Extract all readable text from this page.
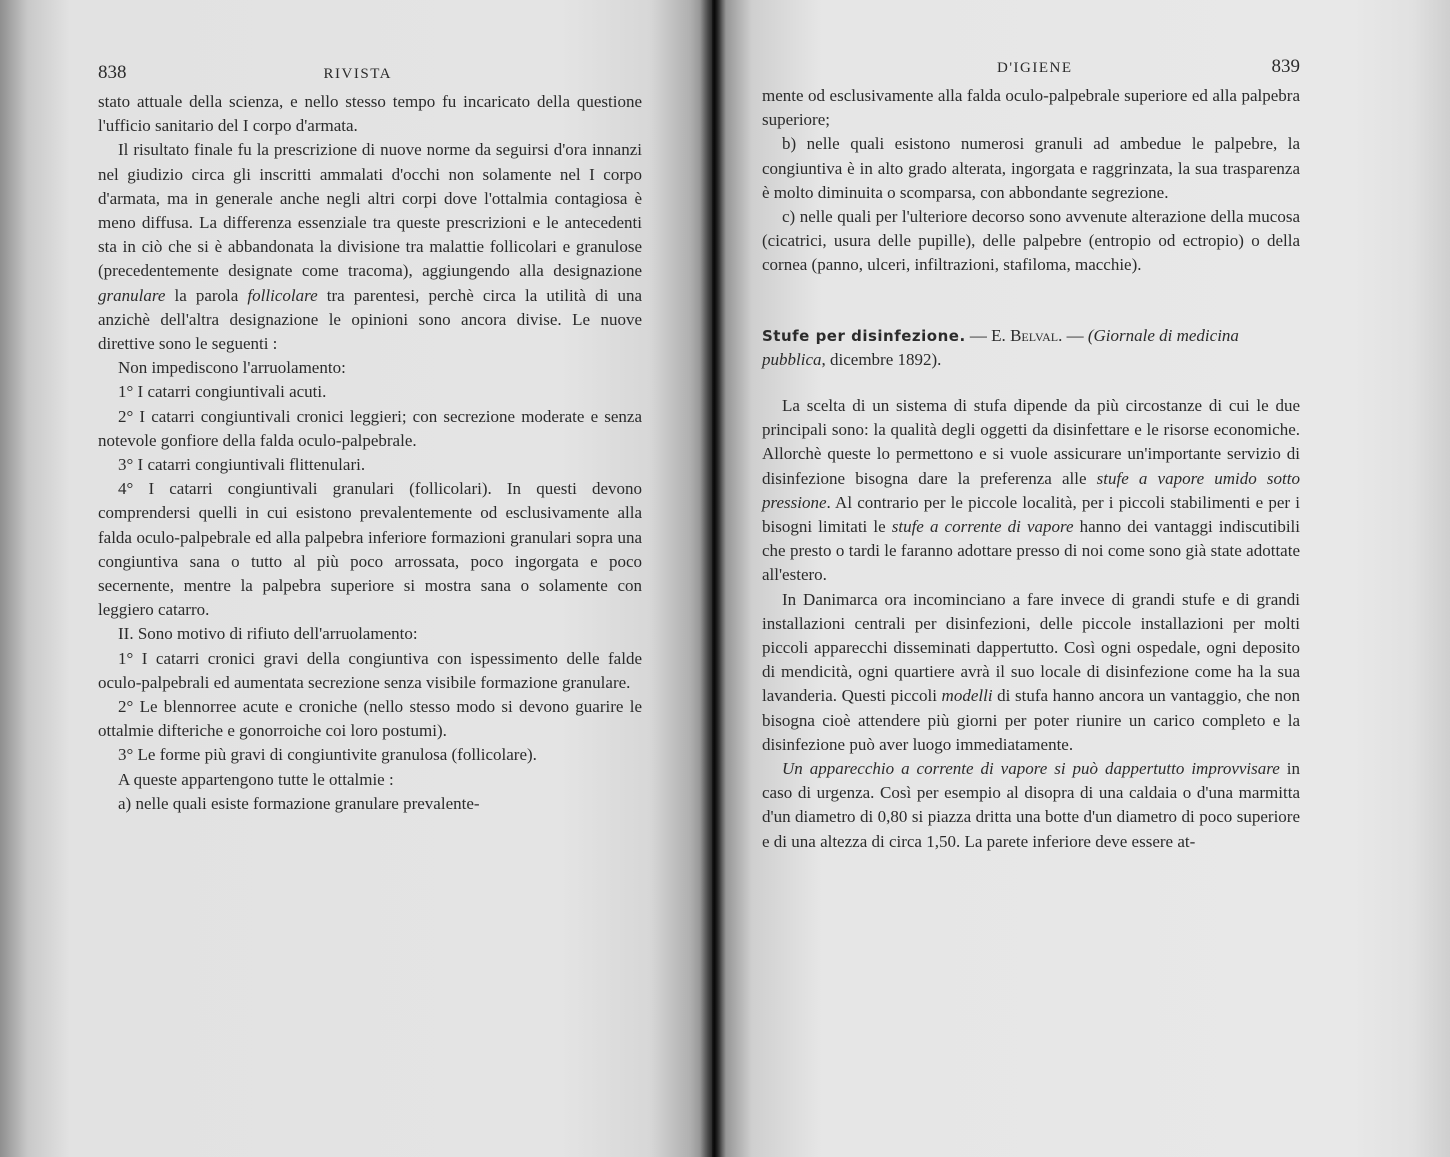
838	RIVISTA

stato attuale della scienza, e nello stesso tempo fu incaricato della questione l'ufficio sanitario del I corpo d'armata.

Il risultato finale fu la prescrizione di nuove norme da seguirsi d'ora innanzi nel giudizio circa gli inscritti ammalati d'occhi non solamente nel I corpo d'armata, ma in generale anche negli altri corpi dove l'ottalmia contagiosa è meno diffusa. La differenza essenziale tra queste prescrizioni e le antecedenti sta in ciò che si è abbandonata la divisione tra malattie follicolari e granulose (precedentemente designate come tracoma), aggiungendo alla designazione granulare la parola follicolare tra parentesi, perchè circa la utilità di una anzichè dell'altra designazione le opinioni sono ancora divise. Le nuove direttive sono le seguenti :

Non impediscono l'arruolamento:

1° I catarri congiuntivali acuti.

2° I catarri congiuntivali cronici leggieri; con secrezione moderate e senza notevole gonfiore della falda oculo-palpebrale.

3° I catarri congiuntivali flittenulari.

4° I catarri congiuntivali granulari (follicolari). In questi devono comprendersi quelli in cui esistono prevalentemente od esclusivamente alla falda oculo-palpebrale ed alla palpebra inferiore formazioni granulari sopra una congiuntiva sana o tutto al più poco arrossata, poco ingorgata e poco secernente, mentre la palpebra superiore si mostra sana o solamente con leggiero catarro.

II. Sono motivo di rifiuto dell'arruolamento:

1° I catarri cronici gravi della congiuntiva con ispessimento delle falde oculo-palpebrali ed aumentata secrezione senza visibile formazione granulare.

2° Le blennorree acute e croniche (nello stesso modo si devono guarire le ottalmie difteriche e gonorroiche coi loro postumi).

3° Le forme più gravi di congiuntivite granulosa (follicolare).

A queste appartengono tutte le ottalmie :

a) nelle quali esiste formazione granulare prevalente-

D'IGIENE	839

mente od esclusivamente alla falda oculo-palpebrale superiore ed alla palpebra superiore;

b) nelle quali esistono numerosi granuli ad ambedue le palpebre, la congiuntiva è in alto grado alterata, ingorgata e raggrinzata, la sua trasparenza è molto diminuita o scomparsa, con abbondante segrezione.

c) nelle quali per l'ulteriore decorso sono avvenute alterazione della mucosa (cicatrici, usura delle pupille), delle palpebre (entropio od ectropio) o della cornea (panno, ulceri, infiltrazioni, stafiloma, macchie).

Stufe per disinfezione. — E. Belval. — (Giornale di medicina pubblica, dicembre 1892).

La scelta di un sistema di stufa dipende da più circostanze di cui le due principali sono: la qualità degli oggetti da disinfettare e le risorse economiche. Allorchè queste lo permettono e si vuole assicurare un'importante servizio di disinfezione bisogna dare la preferenza alle stufe a vapore umido sotto pressione. Al contrario per le piccole località, per i piccoli stabilimenti e per i bisogni limitati le stufe a corrente di vapore hanno dei vantaggi indiscutibili che presto o tardi le faranno adottare presso di noi come sono già state adottate all'estero.

In Danimarca ora incominciano a fare invece di grandi stufe e di grandi installazioni centrali per disinfezioni, delle piccole installazioni per molti piccoli apparecchi disseminati dappertutto. Così ogni ospedale, ogni deposito di mendicità, ogni quartiere avrà il suo locale di disinfezione come ha la sua lavanderia. Questi piccoli modelli di stufa hanno ancora un vantaggio, che non bisogna cioè attendere più giorni per poter riunire un carico completo e la disinfezione può aver luogo immediatamente.

Un apparecchio a corrente di vapore si può dappertutto improvvisare in caso di urgenza. Così per esempio al disopra di una caldaia o d'una marmitta d'un diametro di 0,80 si piazza dritta una botte d'un diametro di poco superiore e di una altezza di circa 1,50. La parete inferiore deve essere at-
